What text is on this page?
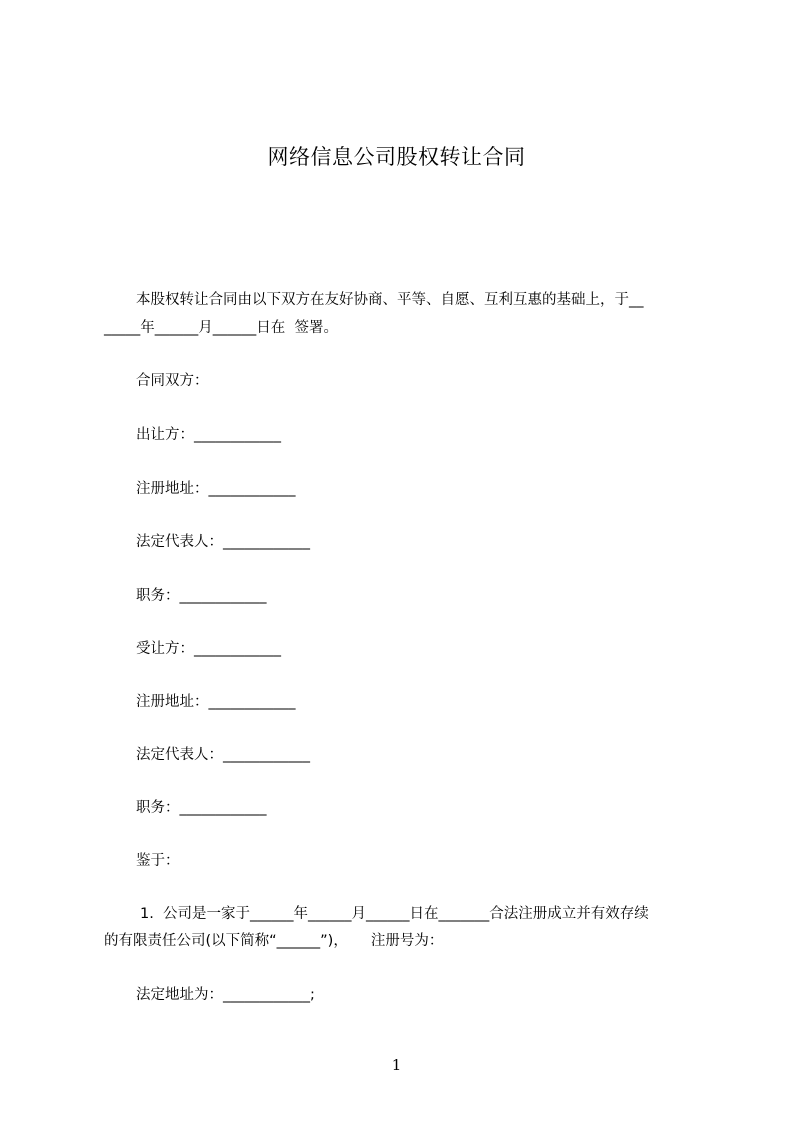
网络信息公司股权转让合同
本股权转让合同由以下双方在友好协商、平等、自愿、互利互惠的基础上，于__
_____年______月______日在  签署。
合同双方：
出让方：____________
注册地址：____________
法定代表人：____________
职务：____________
受让方：____________
注册地址：____________
法定代表人：____________
职务：____________
鉴于：
1.  公司是一家于______年______月______日在_______合法注册成立并有效存续
的有限责任公司(以下简称“______”)，     注册号为：
法定地址为：____________;
1
